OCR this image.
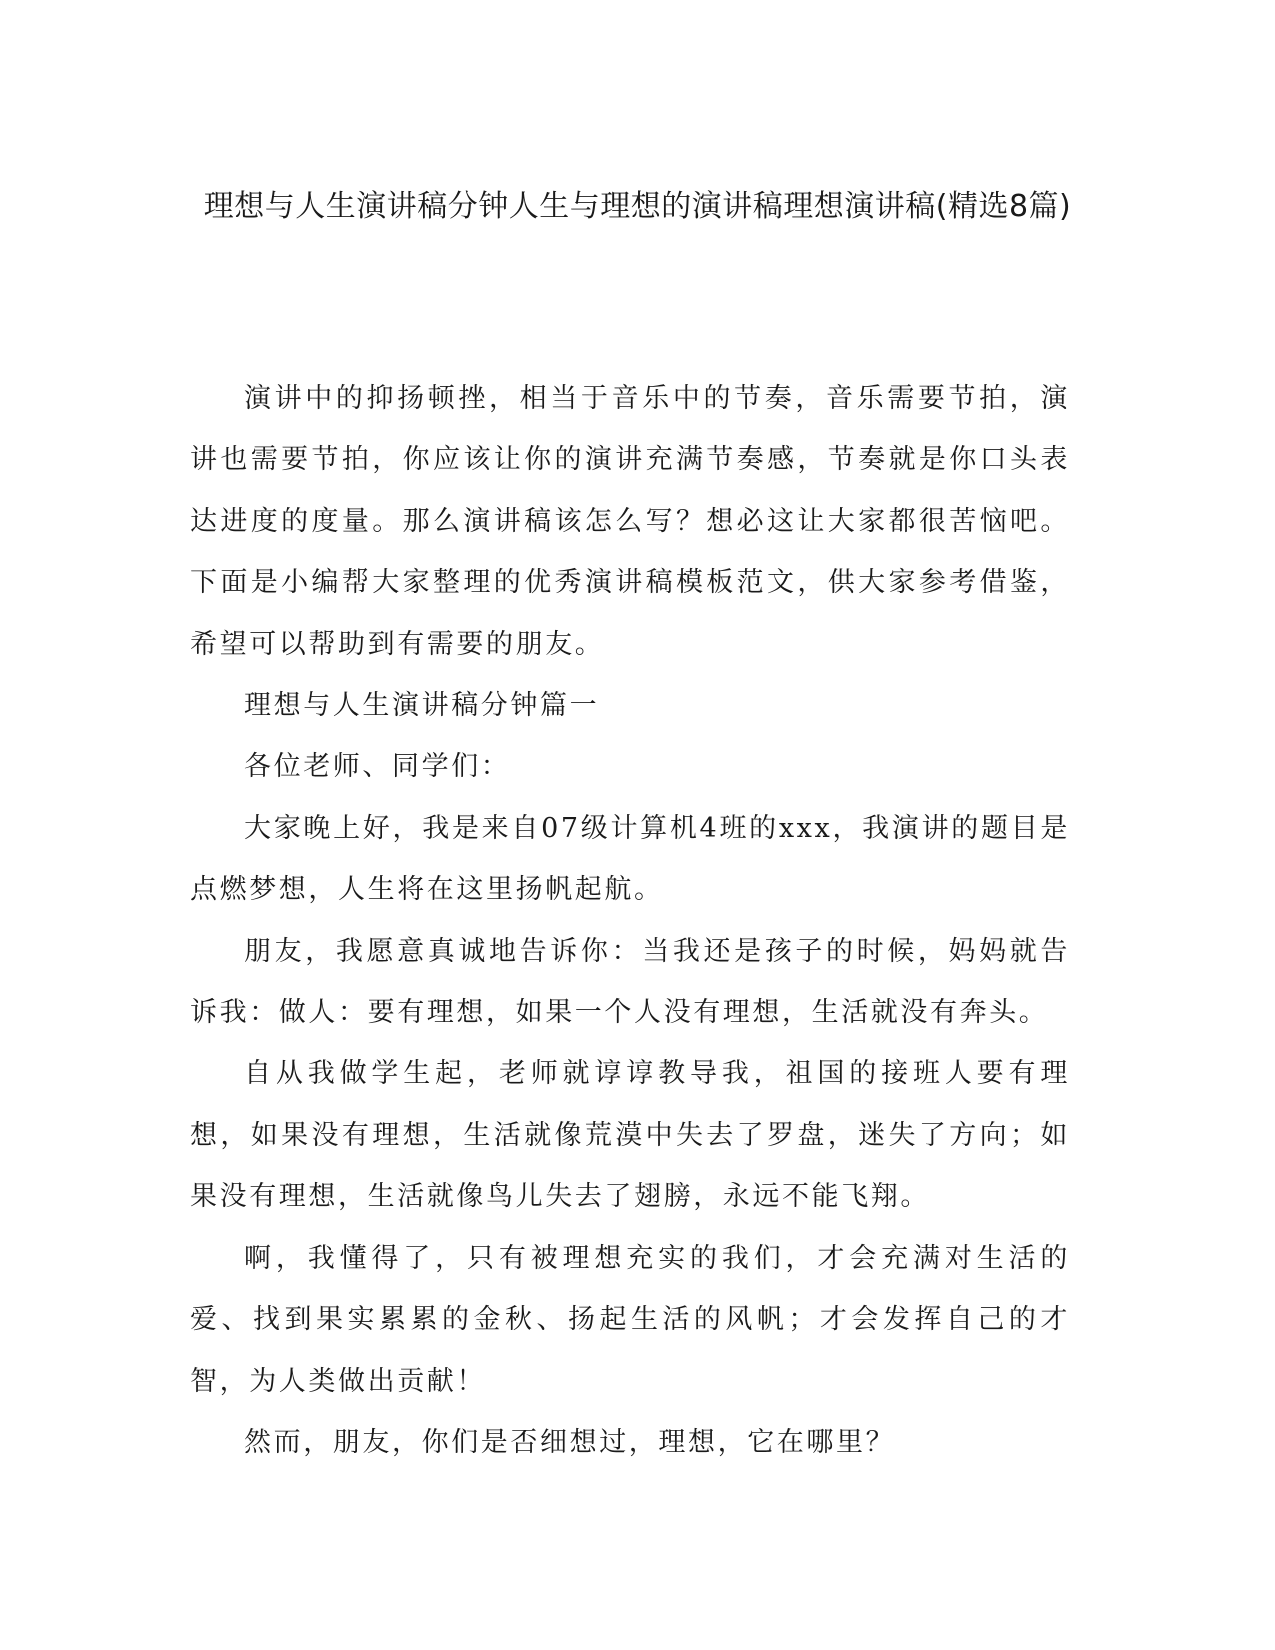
理想与人生演讲稿分钟人生与理想的演讲稿理想演讲稿(精选8篇)

演讲中的抑扬顿挫，相当于音乐中的节奏，音乐需要节拍，演讲也需要节拍，你应该让你的演讲充满节奏感，节奏就是你口头表达进度的度量。那么演讲稿该怎么写？想必这让大家都很苦恼吧。下面是小编帮大家整理的优秀演讲稿模板范文，供大家参考借鉴，希望可以帮助到有需要的朋友。

理想与人生演讲稿分钟篇一

各位老师、同学们：

大家晚上好，我是来自07级计算机4班的xxx，我演讲的题目是点燃梦想，人生将在这里扬帆起航。

朋友，我愿意真诚地告诉你：当我还是孩子的时候，妈妈就告诉我：做人：要有理想，如果一个人没有理想，生活就没有奔头。

自从我做学生起，老师就谆谆教导我，祖国的接班人要有理想，如果没有理想，生活就像荒漠中失去了罗盘，迷失了方向；如果没有理想，生活就像鸟儿失去了翅膀，永远不能飞翔。

啊，我懂得了，只有被理想充实的我们，才会充满对生活的爱、找到果实累累的金秋、扬起生活的风帆；才会发挥自己的才智，为人类做出贡献！

然而，朋友，你们是否细想过，理想，它在哪里？
